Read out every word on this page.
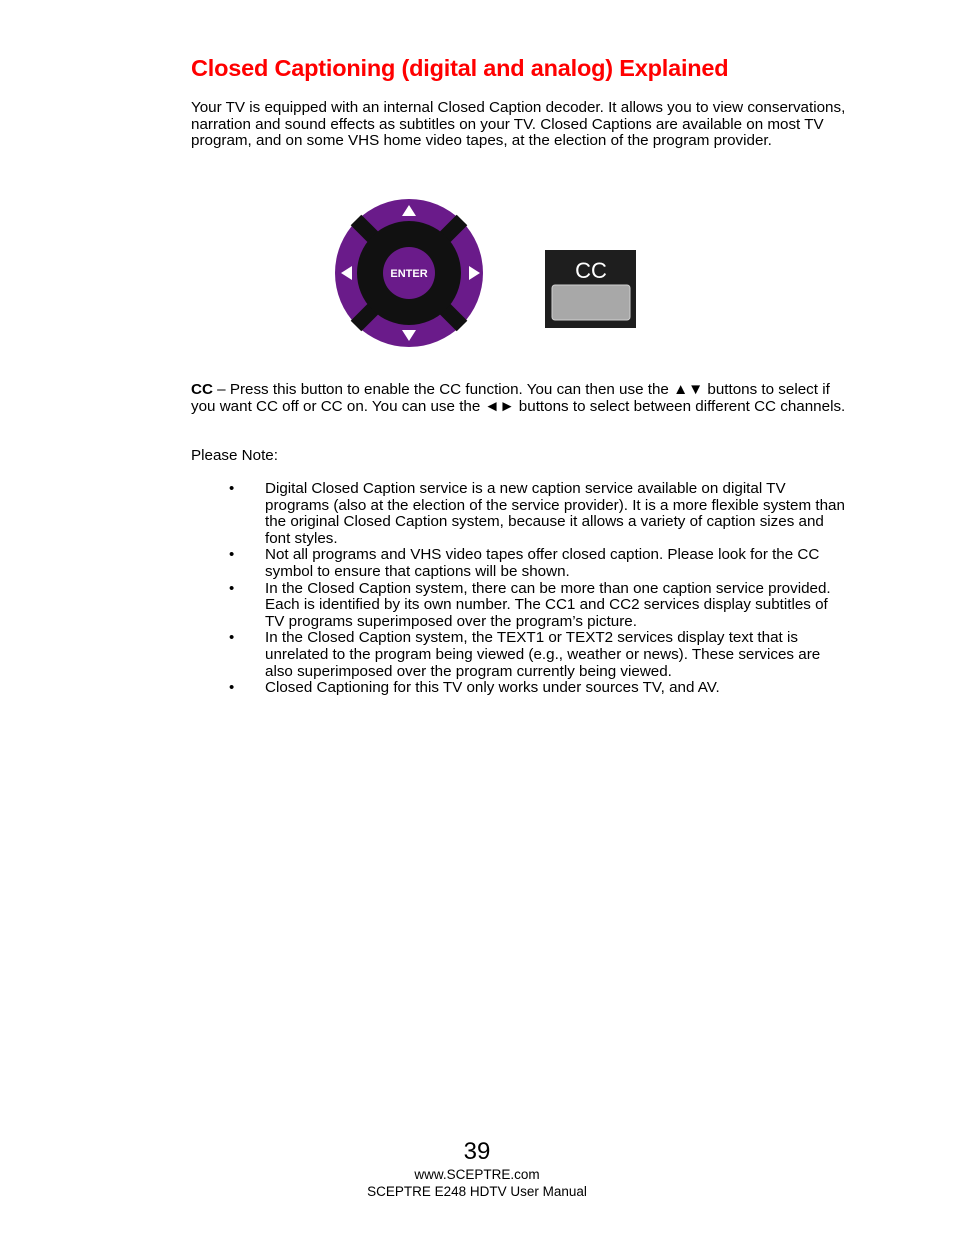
Closed Captioning (digital and analog) Explained
Your TV is equipped with an internal Closed Caption decoder. It allows you to view conservations, narration and sound effects as subtitles on your TV. Closed Captions are available on most TV program, and on some VHS home video tapes, at the election of the program provider.
ENTER	CC
CC – Press this button to enable the CC function. You can then use the ▲▼ buttons to select if you want CC off or CC on. You can use the ◄► buttons to select between different CC channels.
Please Note:
• Digital Closed Caption service is a new caption service available on digital TV programs (also at the election of the service provider). It is a more flexible system than the original Closed Caption system, because it allows a variety of caption sizes and font styles.
• Not all programs and VHS video tapes offer closed caption. Please look for the CC symbol to ensure that captions will be shown.
• In the Closed Caption system, there can be more than one caption service provided. Each is identified by its own number. The CC1 and CC2 services display subtitles of TV programs superimposed over the program’s picture.
• In the Closed Caption system, the TEXT1 or TEXT2 services display text that is unrelated to the program being viewed (e.g., weather or news). These services are also superimposed over the program currently being viewed.
• Closed Captioning for this TV only works under sources TV, and AV.
39
www.SCEPTRE.com
SCEPTRE E248 HDTV User Manual
